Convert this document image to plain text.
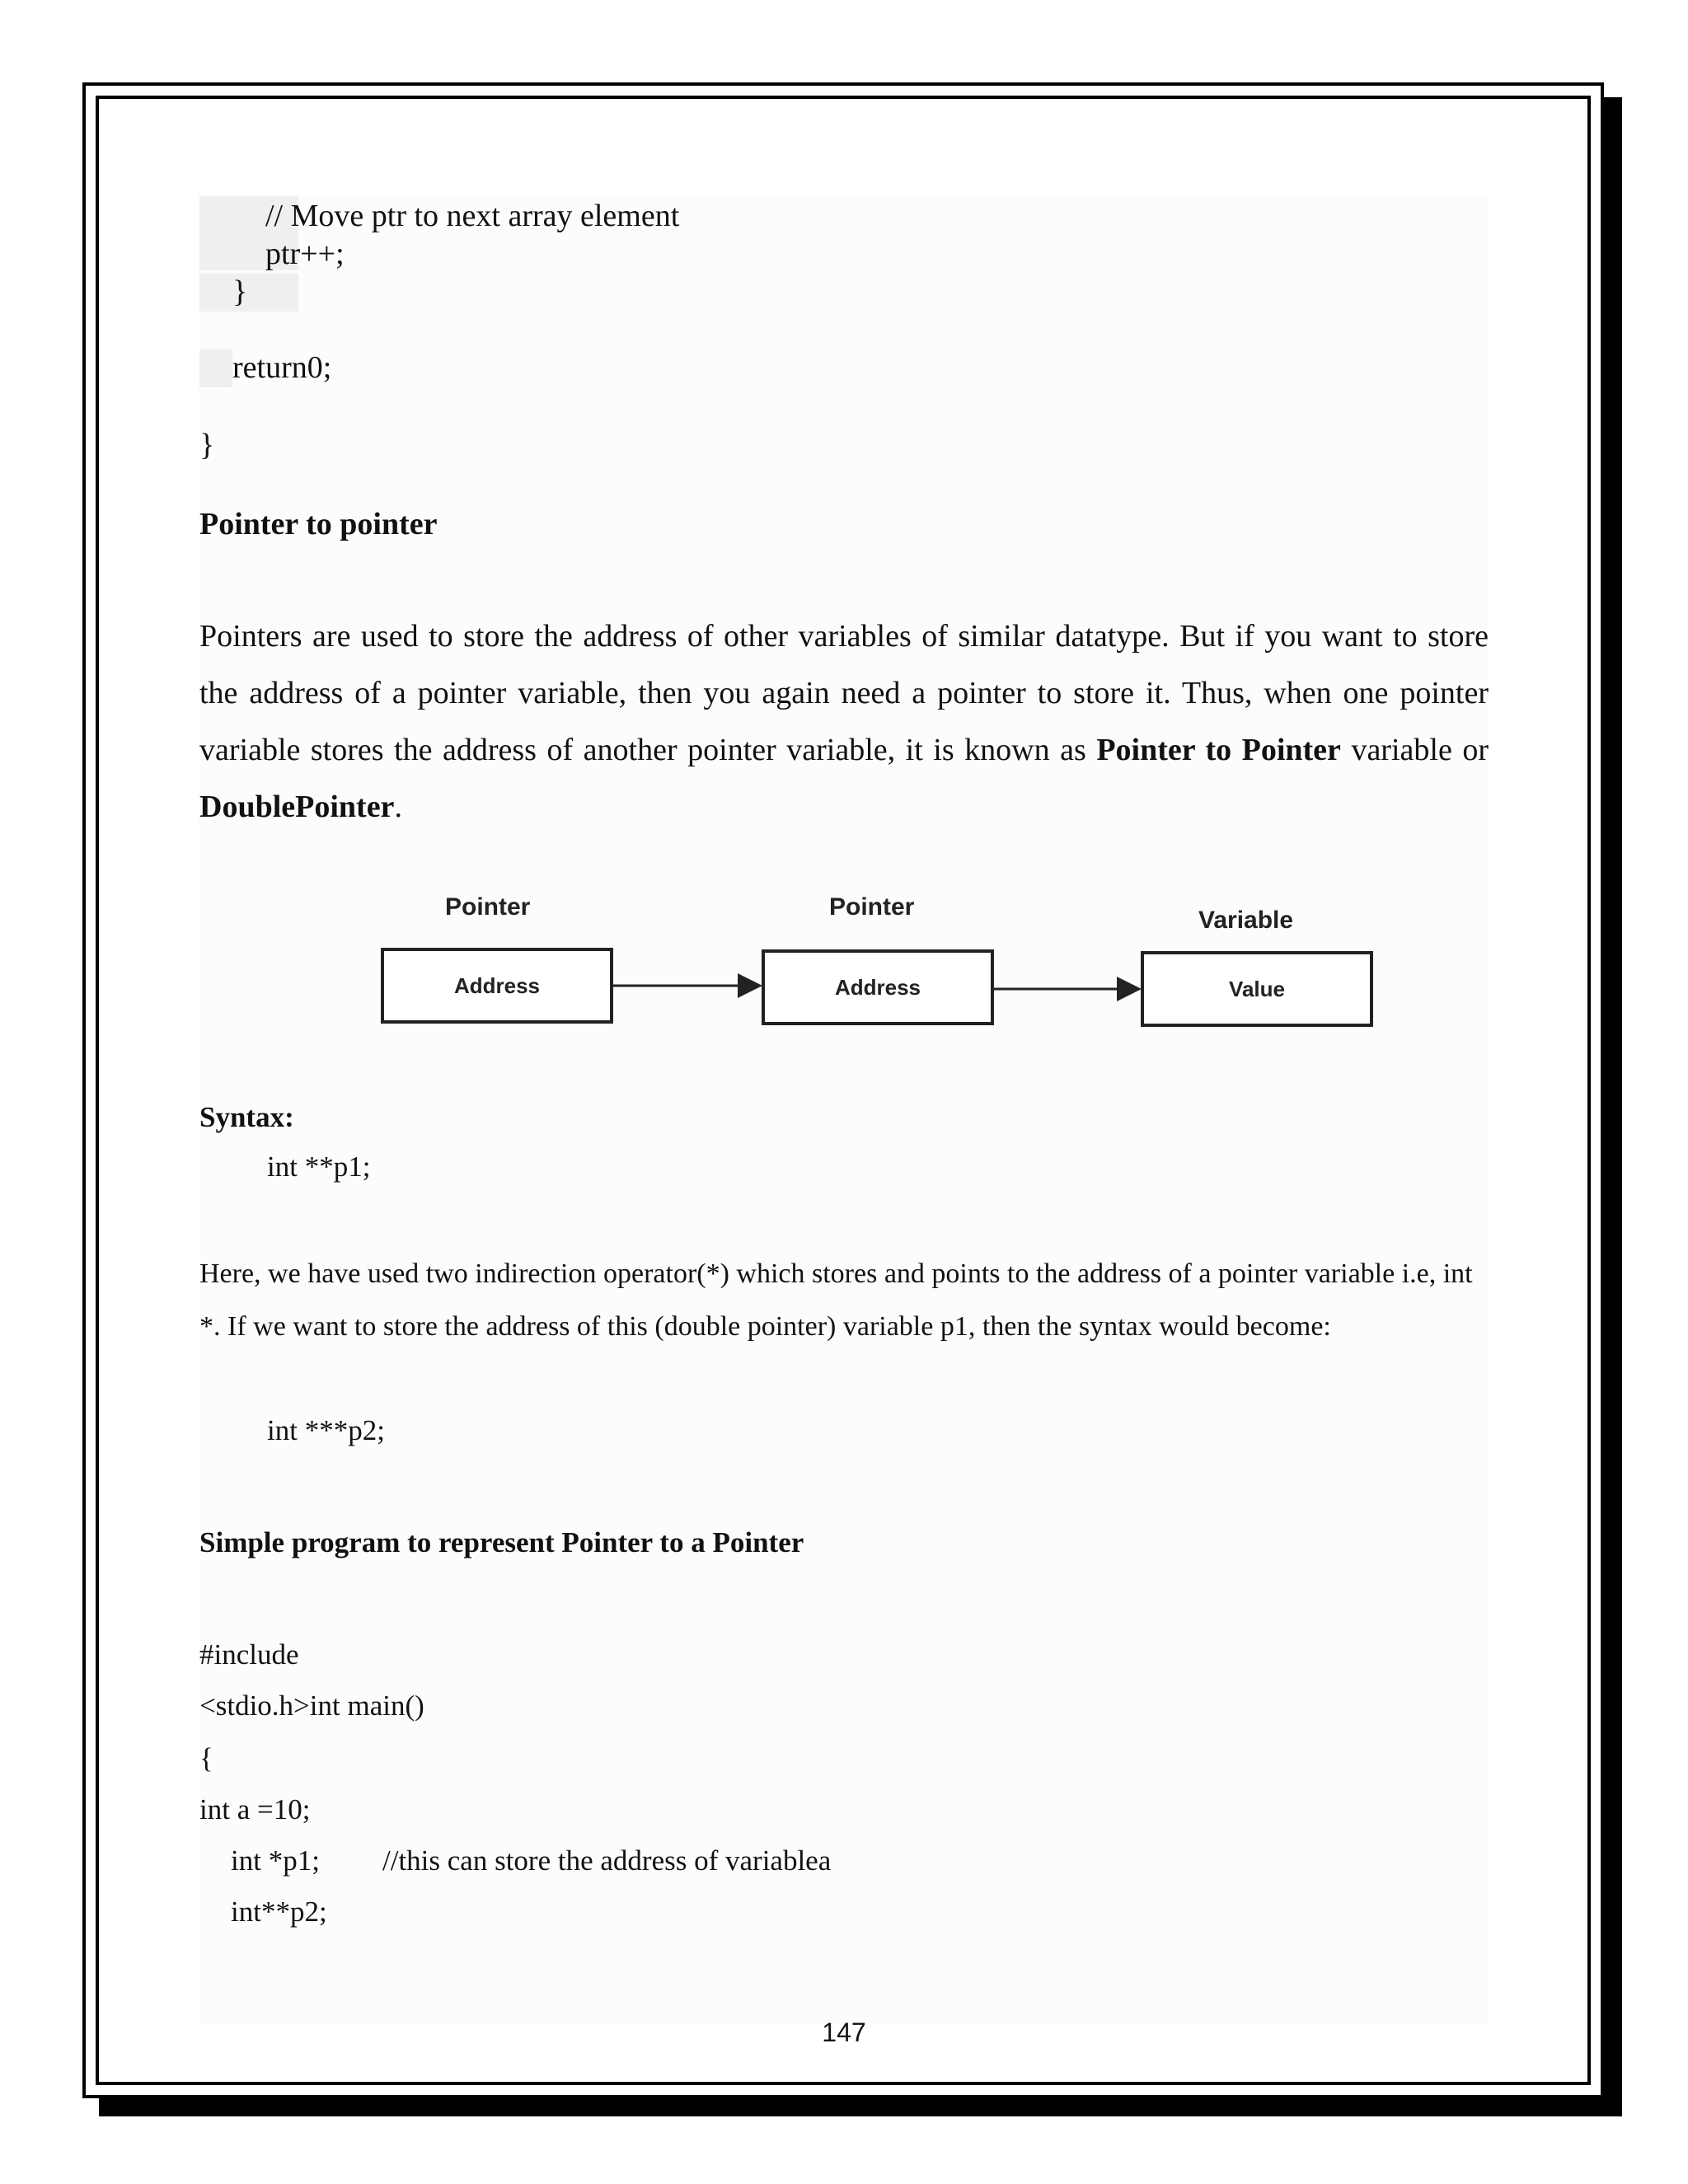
// Move ptr to next array element
ptr++;
}
return0;
}
Pointer to pointer
Pointers are used to store the address of other variables of similar datatype. But if you want to store the address of a pointer variable, then you again need a pointer to store it. Thus, when one pointer variable stores the address of another pointer variable, it is known as Pointer to Pointer variable or DoublePointer.
Pointer	Pointer	Variable
Address	Address	Value
Syntax:
int **p1;
Here, we have used two indirection operator(*) which stores and points to the address of a pointer variable i.e, int *. If we want to store the address of this (double pointer) variable p1, then the syntax would become:
int ***p2;
Simple program to represent Pointer to a Pointer
#include
<stdio.h>int main()
{
int a =10;
int *p1; //this can store the address of variablea
int**p2;
147
